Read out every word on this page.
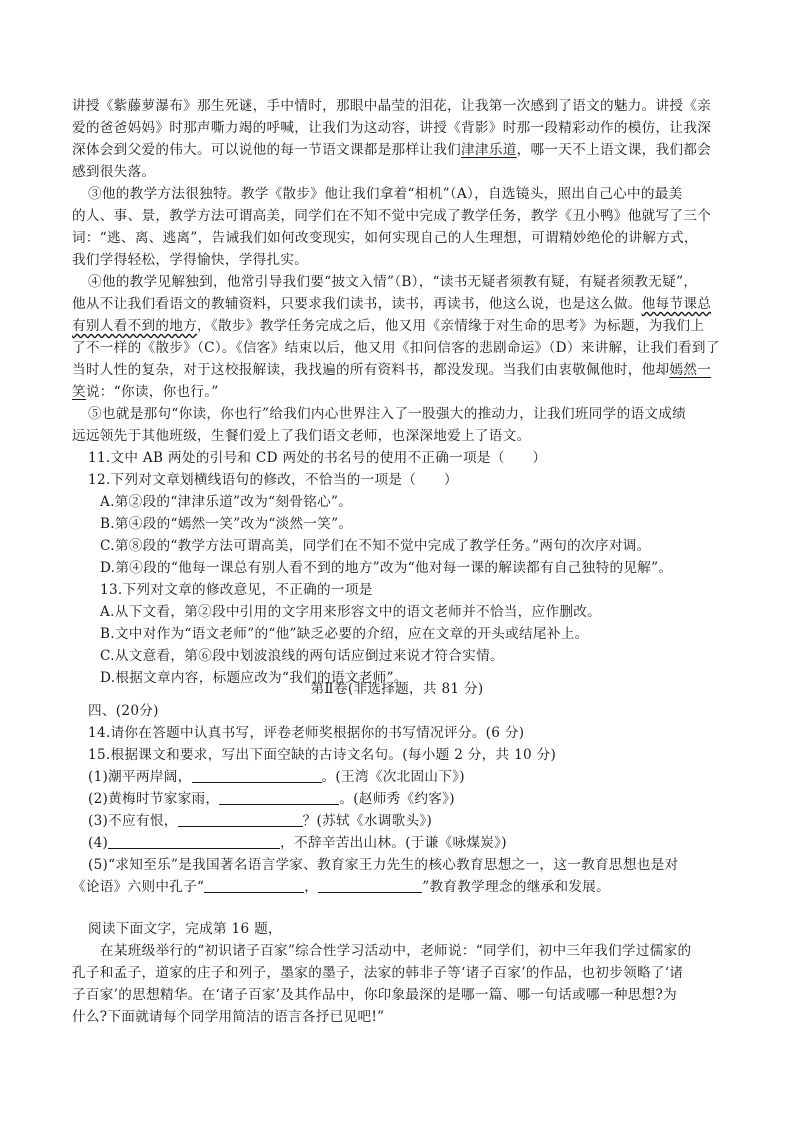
讲授《紫藤萝瀑布》那生死谜，手中情时，那眼中晶莹的泪花，让我第一次感到了语文的魅力。讲授《亲
爱的爸爸妈妈》时那声嘶力竭的呼喊，让我们为这动容，讲授《背影》时那一段精彩动作的模仿，让我深
深体会到父爱的伟大。可以说他的每一节语文课都是那样让我们津津乐道，哪一天不上语文课，我们都会
感到很失落。
③他的教学方法很独特。教学《散步》他让我们拿着“相机”（A），自选镜头，照出自己心中的最美
的人、事、景，教学方法可谓高美，同学们在不知不觉中完成了教学任务，教学《丑小鸭》他就写了三个
词：“逃、离、逃离”，告诫我们如何改变现实，如何实现自己的人生理想，可谓精妙绝伦的讲解方式，
我们学得轻松，学得愉快，学得扎实。
④他的教学见解独到，他常引导我们要“披文入情”（B），“读书无疑者须教有疑，有疑者须教无疑”，
他从不让我们看语文的教辅资料，只要求我们读书，读书，再读书，他这么说，也是这么做。他每节课总
有别人看不到的地方，《散步》教学任务完成之后，他又用《亲情缘于对生命的思考》为标题，为我们上
了不一样的《散步》（C）。《信客》结束以后，他又用《扣问信客的悲剧命运》（D）来讲解，让我们看到了
当时人性的复杂，对于这校报解读，我找遍的所有资料书，都没发现。当我们由衷敬佩他时，他却嫣然一
笑说：“你读，你也行。”
⑤也就是那句“你读，你也行”给我们内心世界注入了一股强大的推动力，让我们班同学的语文成绩
远远领先于其他班级，生餐们爱上了我们语文老师，也深深地爱上了语文。
11.文中 AB 两处的引号和 CD 两处的书名号的使用不正确一项是（　　）
12.下列对文章划横线语句的修改，不恰当的一项是（　　）
A.第②段的“津津乐道”改为“刻骨铭心”。
B.第④段的“嫣然一笑”改为“淡然一笑”。
C.第⑧段的“教学方法可谓高美，同学们在不知不觉中完成了教学任务。”两句的次序对调。
D.第④段的“他每一课总有别人看不到的地方”改为“他对每一课的解读都有自己独特的见解”。
13.下列对文章的修改意见，不正确的一项是
A.从下文看，第②段中引用的文字用来形容文中的语文老师并不恰当，应作删改。
B.文中对作为“语文老师”的“他”缺乏必要的介绍，应在文章的开头或结尾补上。
C.从文意看，第⑥段中划波浪线的两句话应倒过来说才符合实情。
D.根据文章内容，标题应改为“我们的语文老师”。
第Ⅱ卷(非选择题，共 81 分)
四、(20分)
14.请你在答题中认真书写，评卷老师奖根据你的书写情况评分。(6 分)
15.根据课文和要求，写出下面空缺的古诗文名句。(每小题 2 分，共 10 分)
(1)潮平两岸阔，	。(王湾《次北固山下》)
(2)黄梅时节家家雨，	。(赵师秀《约客》)
(3)不应有恨，	？(苏轼《水调歌头》)
(4)	，不辞辛苦出山林。(于谦《咏煤炭》)
(5)“求知至乐”是我国著名语言学家、教育家王力先生的核心教育思想之一，这一教育思想也是对
《论语》六则中孔子“	，	”教育教学理念的继承和发展。
阅读下面文字，完成第 16 题，
在某班级举行的“初识诸子百家”综合性学习活动中，老师说：“同学们，初中三年我们学过儒家的
孔子和孟子，道家的庄子和列子，墨家的墨子，法家的韩非子等‘诸子百家’的作品，也初步领略了‘诸
子百家’的思想精华。在‘诸子百家’及其作品中，你印象最深的是哪一篇、哪一句话或哪一种思想?为
什么?下面就请每个同学用简洁的语言各抒已见吧!”
